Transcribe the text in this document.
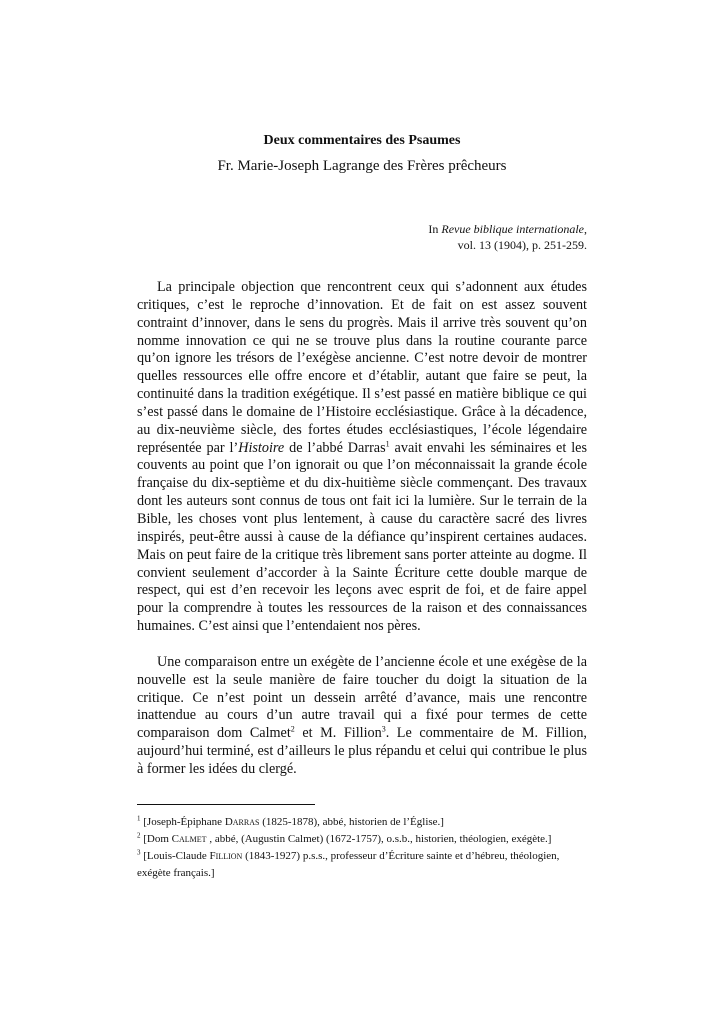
Deux commentaires des Psaumes
Fr. Marie-Joseph Lagrange des Frères prêcheurs
In Revue biblique internationale,
vol. 13 (1904), p. 251-259.

La principale objection que rencontrent ceux qui s’adonnent aux études critiques, c’est le reproche d’innovation. Et de fait on est assez souvent contraint d’innover, dans le sens du progrès. Mais il arrive très souvent qu’on nomme innovation ce qui ne se trouve plus dans la routine courante parce qu’on ignore les trésors de l’exégèse ancienne. C’est notre devoir de montrer quelles ressources elle offre encore et d’établir, autant que faire se peut, la continuité dans la tradition exégétique. Il s’est passé en matière biblique ce qui s’est passé dans le domaine de l’Histoire ecclésiastique. Grâce à la décadence, au dix-neuvième siècle, des fortes études ecclésiastiques, l’école légendaire représentée par l’Histoire de l’abbé Darras$^1$ avait envahi les séminaires et les couvents au point que l’on ignorait ou que l’on méconnaissait la grande école française du dix-septième et du dix-huitième siècle commençant. Des travaux dont les auteurs sont connus de tous ont fait ici la lumière. Sur le terrain de la Bible, les choses vont plus lentement, à cause du caractère sacré des livres inspirés, peut-être aussi à cause de la défiance qu’inspirent certaines audaces. Mais on peut faire de la critique très librement sans porter atteinte au dogme. Il convient seulement d’accorder à la Sainte Écriture cette double marque de respect, qui est d’en recevoir les leçons avec esprit de foi, et de faire appel pour la comprendre à toutes les ressources de la raison et des connaissances humaines. C’est ainsi que l’entendaient nos pères.

Une comparaison entre un exégète de l’ancienne école et une exégèse de la nouvelle est la seule manière de faire toucher du doigt la situation de la critique. Ce n’est point un dessein arrêté d’avance, mais une rencontre inattendue au cours d’un autre travail qui a fixé pour termes de cette comparaison dom Calmet$^2$ et M. Fillion$^3$. Le commentaire de M. Fillion, aujourd’hui terminé, est d’ailleurs le plus répandu et celui qui contribue le plus à former les idées du clergé.

$^1$ [Joseph-Épiphane Darras (1825-1878), abbé, historien de l’Église.]
$^2$ [Dom Calmet , abbé, (Augustin Calmet) (1672-1757), o.s.b., historien, théologien, exégète.]
$^3$ [Louis-Claude Fillion (1843-1927) p.s.s., professeur d’Écriture sainte et d’hébreu, théologien, exégète français.]
